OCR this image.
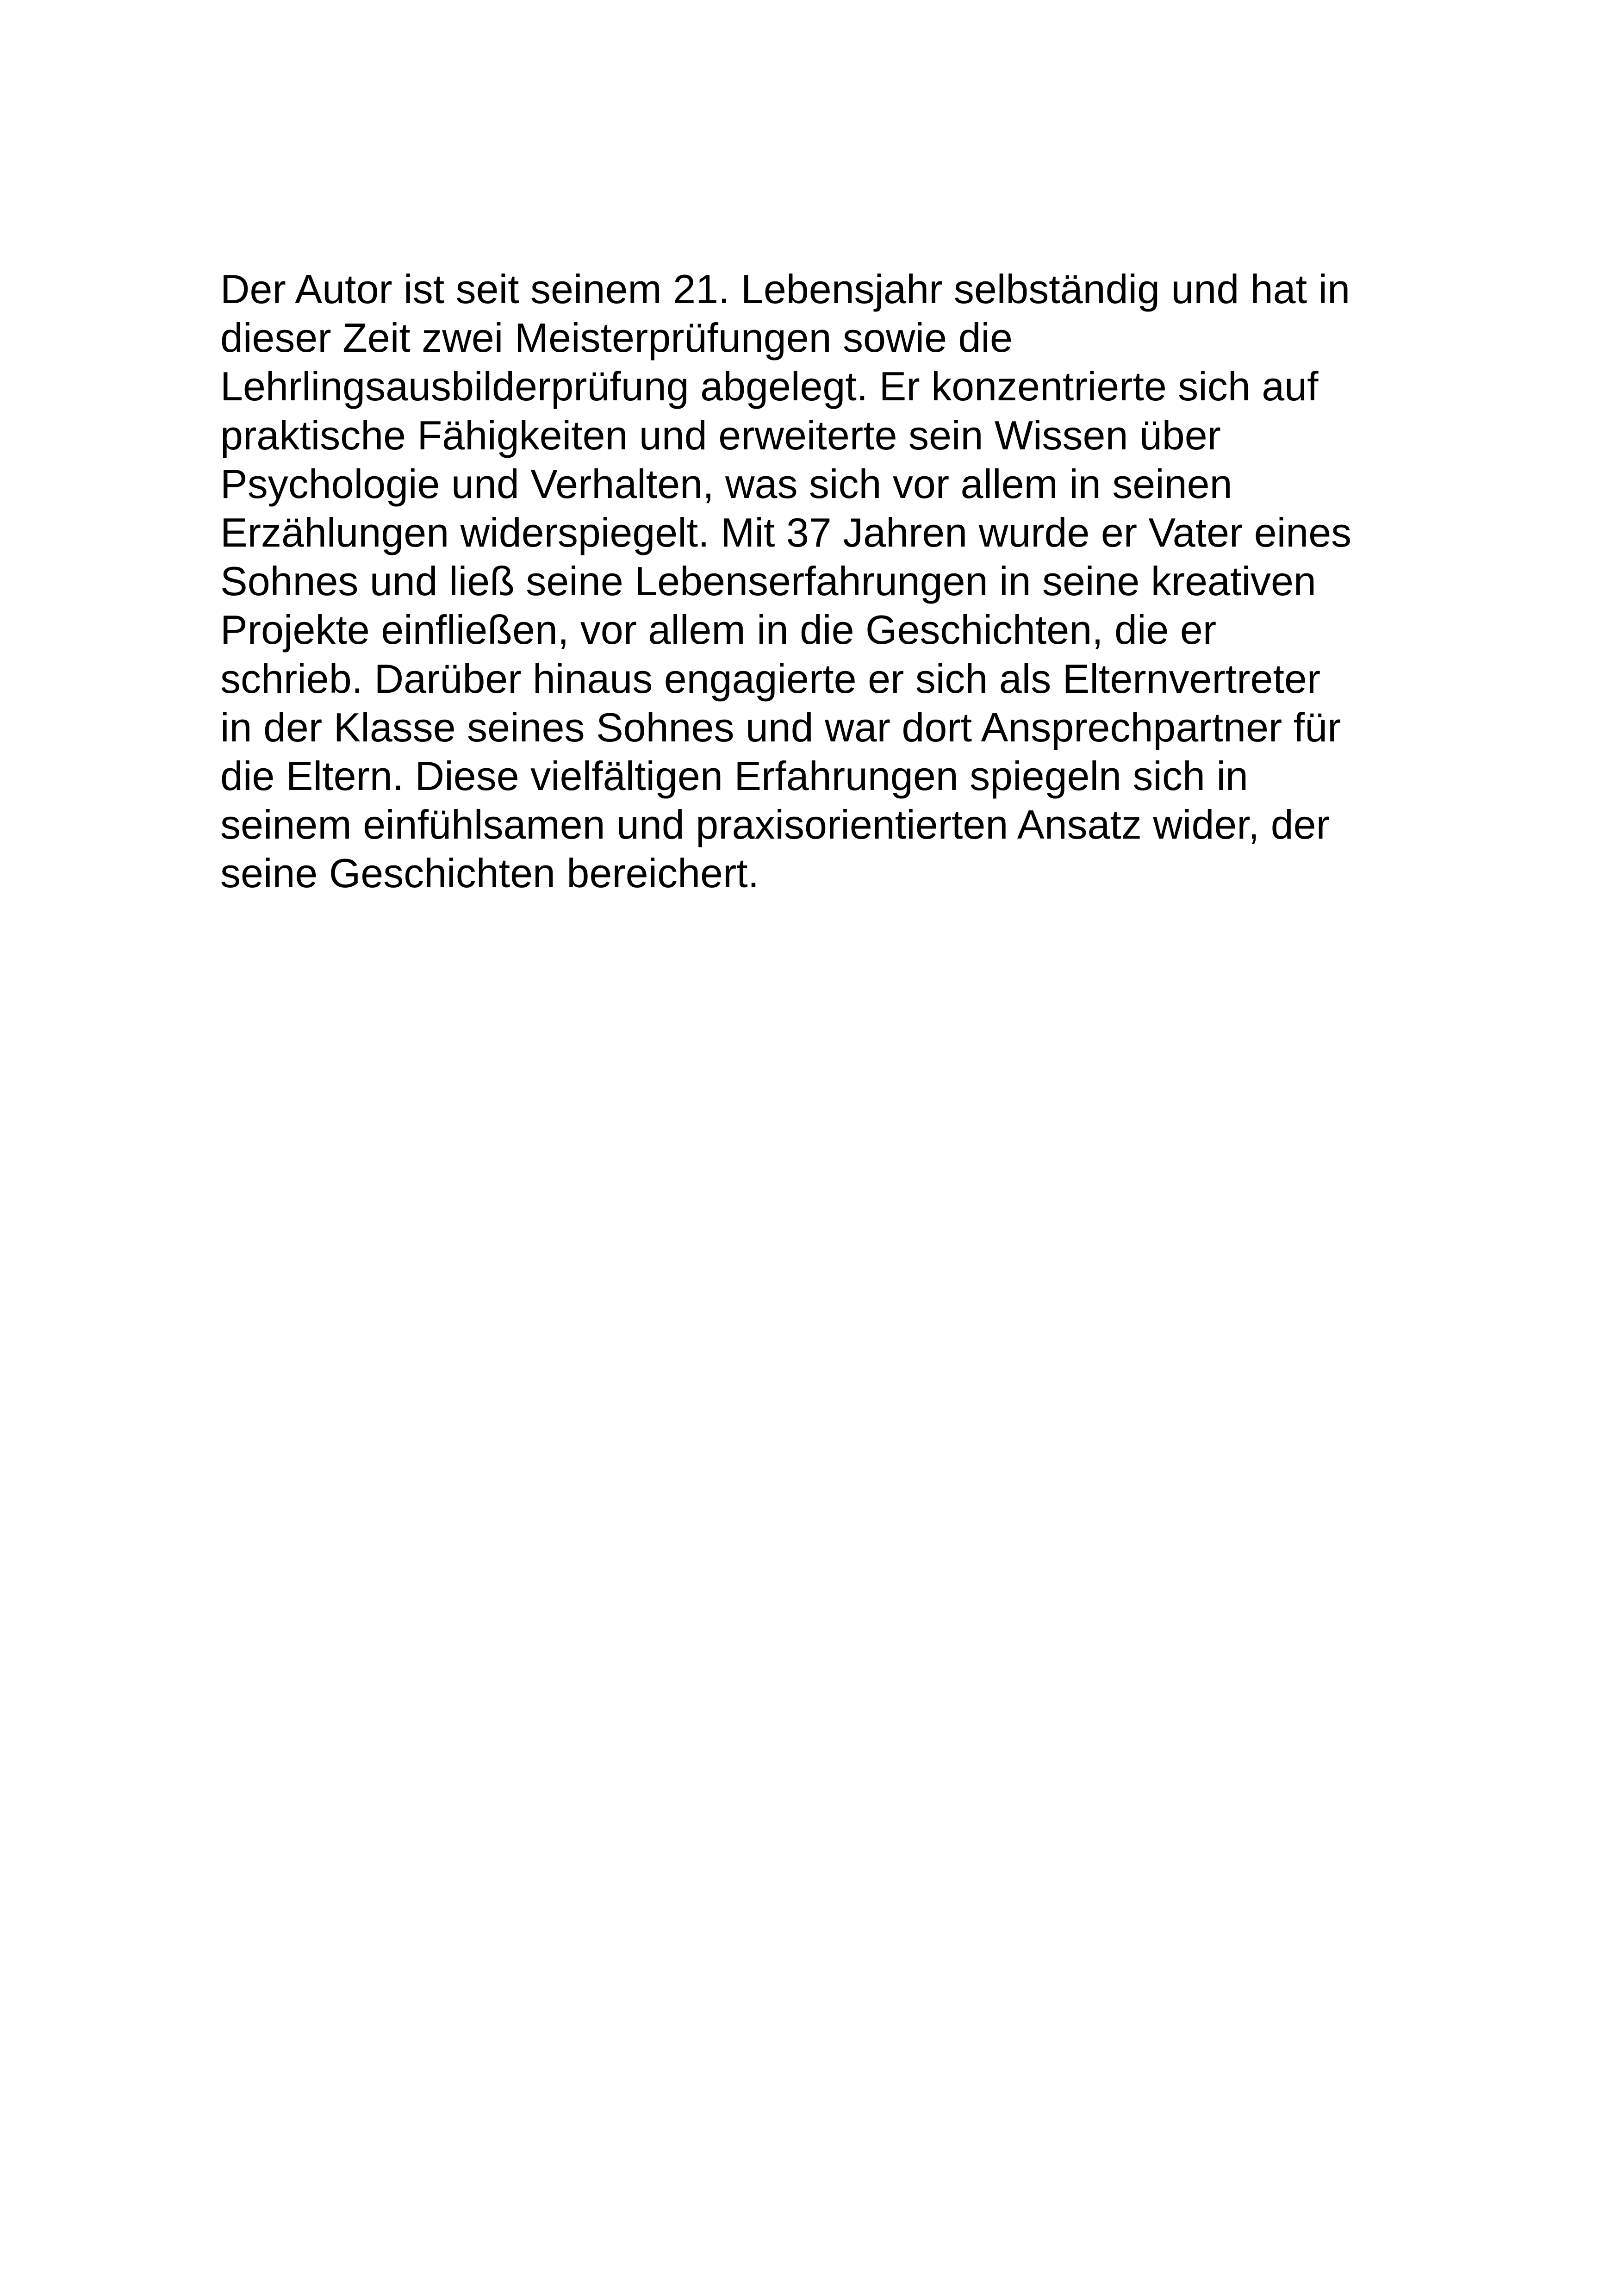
Der Autor ist seit seinem 21. Lebensjahr selbständig und hat in
dieser Zeit zwei Meisterprüfungen sowie die
Lehrlingsausbilderprüfung abgelegt. Er konzentrierte sich auf
praktische Fähigkeiten und erweiterte sein Wissen über
Psychologie und Verhalten, was sich vor allem in seinen
Erzählungen widerspiegelt. Mit 37 Jahren wurde er Vater eines
Sohnes und ließ seine Lebenserfahrungen in seine kreativen
Projekte einfließen, vor allem in die Geschichten, die er
schrieb. Darüber hinaus engagierte er sich als Elternvertreter
in der Klasse seines Sohnes und war dort Ansprechpartner für
die Eltern. Diese vielfältigen Erfahrungen spiegeln sich in
seinem einfühlsamen und praxisorientierten Ansatz wider, der
seine Geschichten bereichert.
